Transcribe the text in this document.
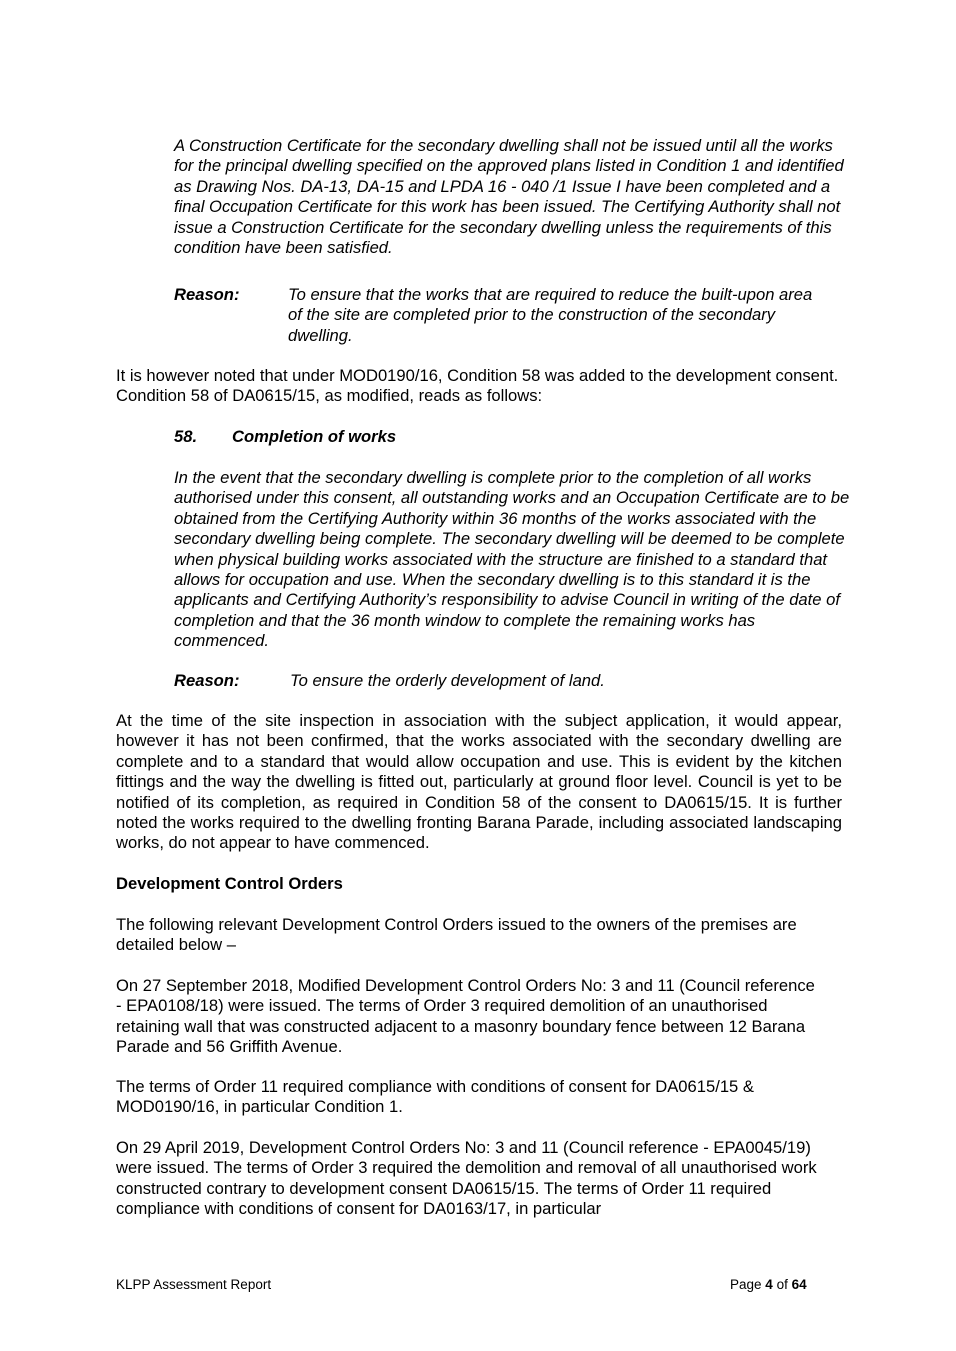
A Construction Certificate for the secondary dwelling shall not be issued until all the works for the principal dwelling specified on the approved plans listed in Condition 1 and identified as Drawing Nos. DA-13, DA-15 and LPDA 16 - 040 /1 Issue I have been completed and a final Occupation Certificate for this work has been issued. The Certifying Authority shall not issue a Construction Certificate for the secondary dwelling unless the requirements of this condition have been satisfied.

Reason:	To ensure that the works that are required to reduce the built-upon area of the site are completed prior to the construction of the secondary dwelling.

It is however noted that under MOD0190/16, Condition 58 was added to the development consent. Condition 58 of DA0615/15, as modified, reads as follows:

58. Completion of works

In the event that the secondary dwelling is complete prior to the completion of all works authorised under this consent, all outstanding works and an Occupation Certificate are to be obtained from the Certifying Authority within 36 months of the works associated with the secondary dwelling being complete. The secondary dwelling will be deemed to be complete when physical building works associated with the structure are finished to a standard that allows for occupation and use. When the secondary dwelling is to this standard it is the applicants and Certifying Authority’s responsibility to advise Council in writing of the date of completion and that the 36 month window to complete the remaining works has commenced.

Reason:	To ensure the orderly development of land.

At the time of the site inspection in association with the subject application, it would appear, however it has not been confirmed, that the works associated with the secondary dwelling are complete and to a standard that would allow occupation and use. This is evident by the kitchen fittings and the way the dwelling is fitted out, particularly at ground floor level. Council is yet to be notified of its completion, as required in Condition 58 of the consent to DA0615/15. It is further noted the works required to the dwelling fronting Barana Parade, including associated landscaping works, do not appear to have commenced.

Development Control Orders

The following relevant Development Control Orders issued to the owners of the premises are detailed below –

On 27 September 2018, Modified Development Control Orders No: 3 and 11 (Council reference - EPA0108/18) were issued. The terms of Order 3 required demolition of an unauthorised retaining wall that was constructed adjacent to a masonry boundary fence between 12 Barana Parade and 56 Griffith Avenue.

The terms of Order 11 required compliance with conditions of consent for DA0615/15 & MOD0190/16, in particular Condition 1.

On 29 April 2019, Development Control Orders No: 3 and 11 (Council reference - EPA0045/19) were issued. The terms of Order 3 required the demolition and removal of all unauthorised work constructed contrary to development consent DA0615/15. The terms of Order 11 required compliance with conditions of consent for DA0163/17, in particular

KLPP Assessment Report	Page 4 of 64
